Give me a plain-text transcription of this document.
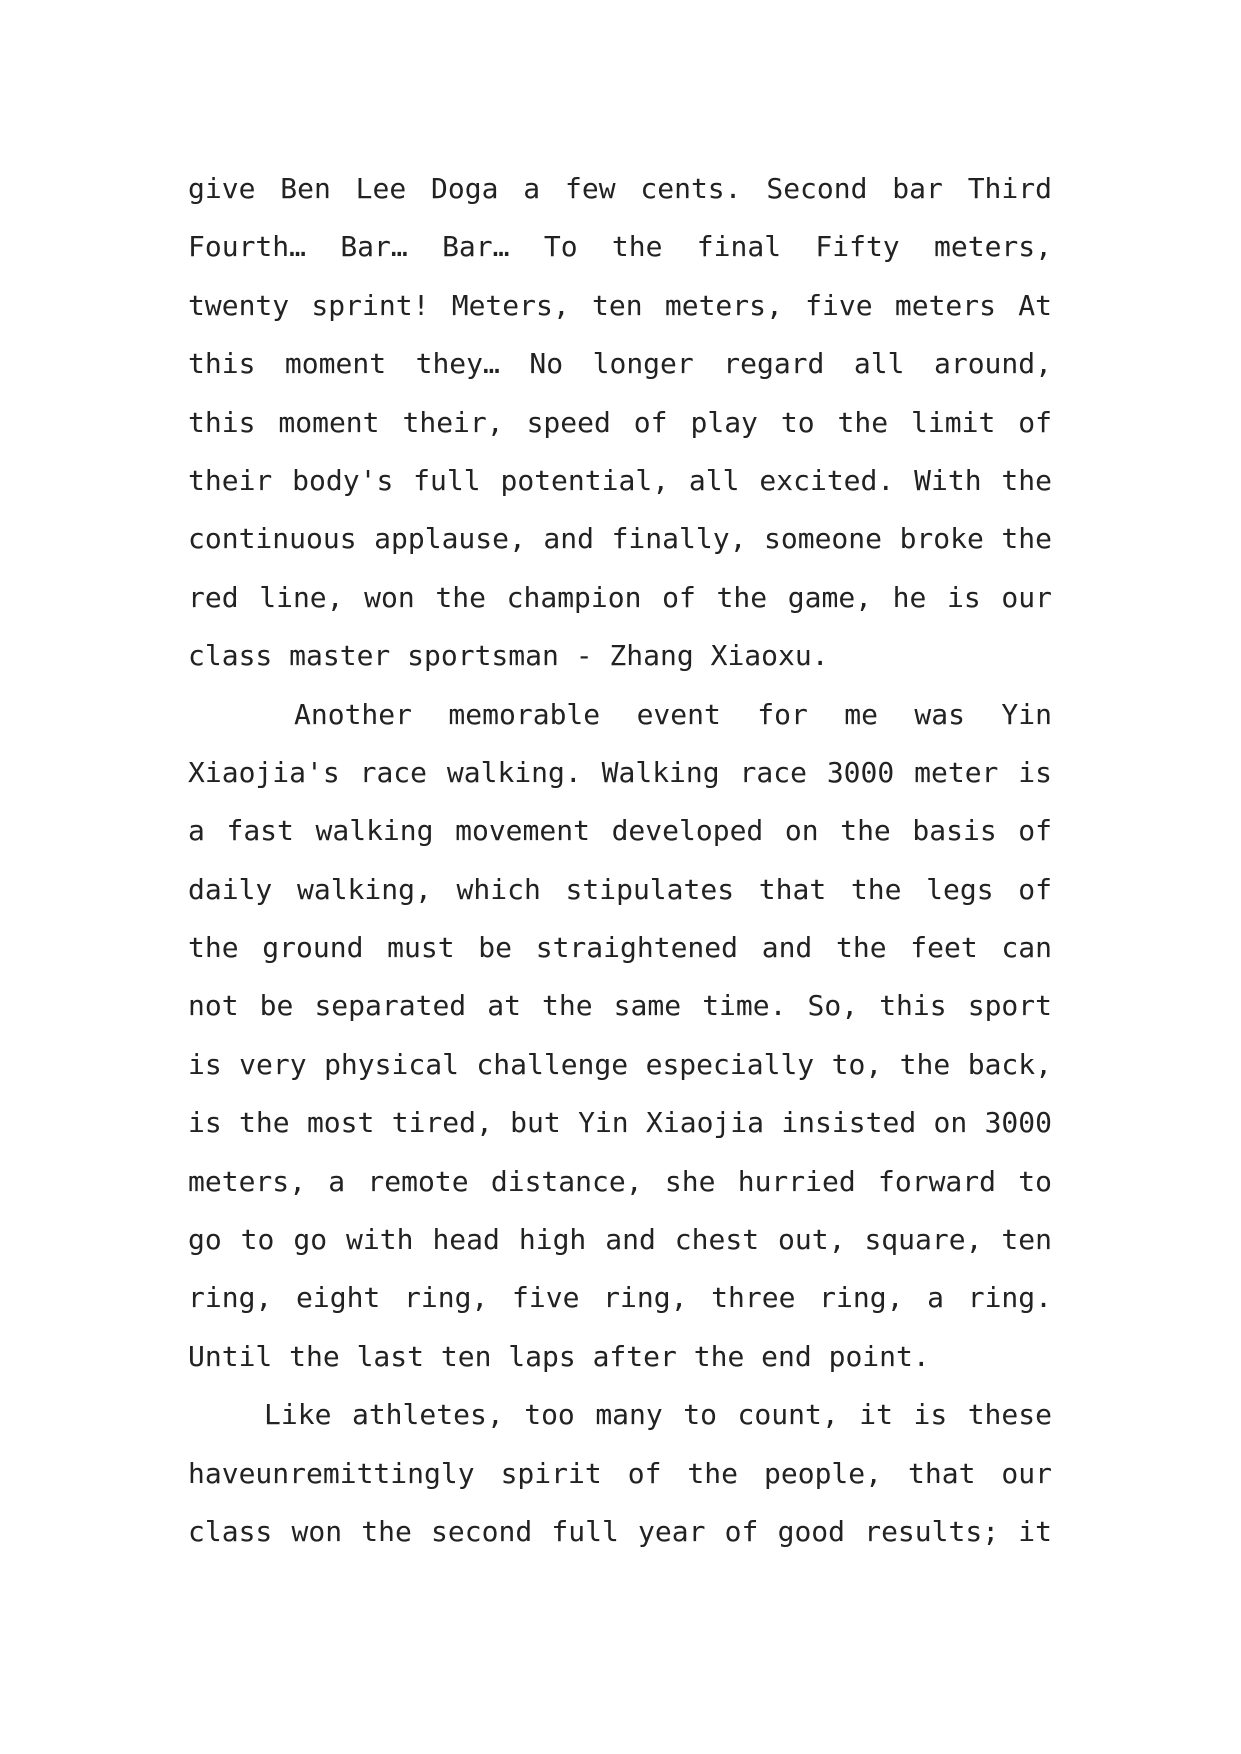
give Ben Lee Doga a few cents. Second bar Third
Fourth… Bar… Bar… To the final Fifty meters,
twenty sprint! Meters, ten meters, five meters At
this moment they… No longer regard all around,
this moment their, speed of play to the limit of
their body's full potential, all excited. With the
continuous applause, and finally, someone broke the
red line, won the champion of the game, he is our
class master sportsman - Zhang Xiaoxu.
Another memorable event for me was Yin
Xiaojia's race walking. Walking race 3000 meter is
a fast walking movement developed on the basis of
daily walking, which stipulates that the legs of
the ground must be straightened and the feet can
not be separated at the same time. So, this sport
is very physical challenge especially to, the back,
is the most tired, but Yin Xiaojia insisted on 3000
meters, a remote distance, she hurried forward to
go to go with head high and chest out, square, ten
ring, eight ring, five ring, three ring, a ring.
Until the last ten laps after the end point.
Like athletes, too many to count, it is these
haveunremittingly spirit of the people, that our
class won the second full year of good results; it
